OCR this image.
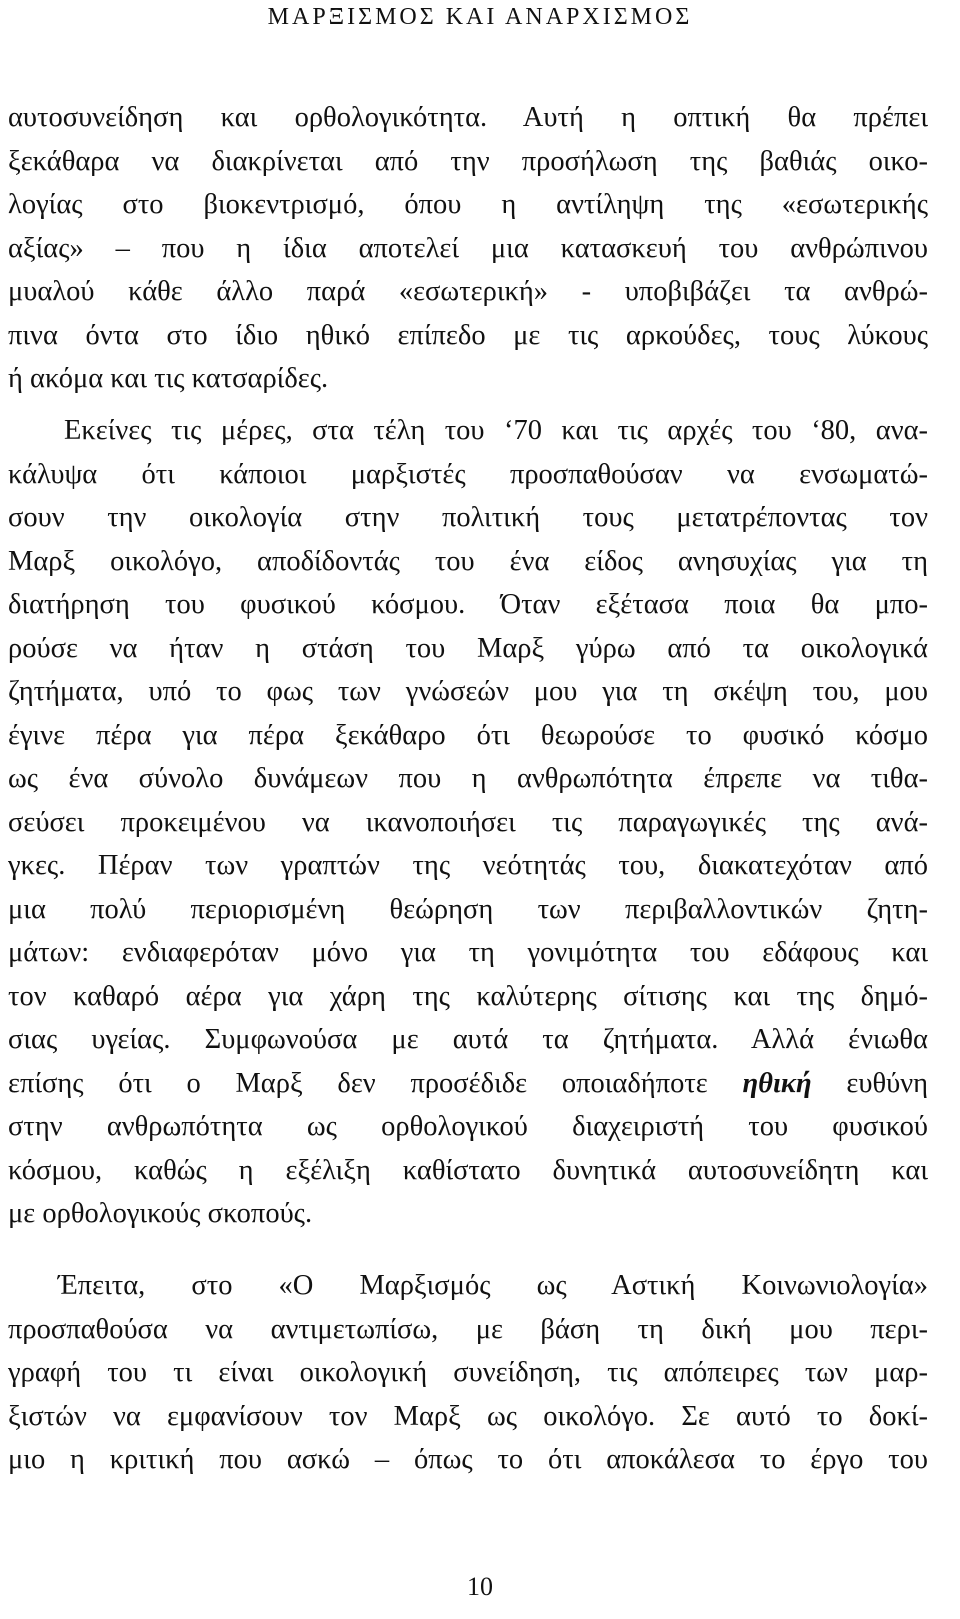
ΜΑΡΞΙΣΜΟΣ ΚΑΙ ΑΝΑΡΧΙΣΜΟΣ
αυτοσυνείδηση και ορθολογικότητα. Αυτή η οπτική θα πρέπει
ξεκάθαρα να διακρίνεται από την προσήλωση της βαθιάς οικο-
λογίας στο βιοκεντρισμό, όπου η αντίληψη της «εσωτερικής
αξίας» – που η ίδια αποτελεί μια κατασκευή του ανθρώπινου
μυαλού κάθε άλλο παρά «εσωτερική» - υποβιβάζει τα ανθρώ-
πινα όντα στο ίδιο ηθικό επίπεδο με τις αρκούδες, τους λύκους
ή ακόμα και τις κατσαρίδες.
Εκείνες τις μέρες, στα τέλη του ‘70 και τις αρχές του ‘80, ανα-
κάλυψα ότι κάποιοι μαρξιστές προσπαθούσαν να ενσωματώ-
σουν την οικολογία στην πολιτική τους μετατρέποντας τον
Μαρξ οικολόγο, αποδίδοντάς του ένα είδος ανησυχίας για τη
διατήρηση του φυσικού κόσμου. Όταν εξέτασα ποια θα μπο-
ρούσε να ήταν η στάση του Μαρξ γύρω από τα οικολογικά
ζητήματα, υπό το φως των γνώσεών μου για τη σκέψη του, μου
έγινε πέρα για πέρα ξεκάθαρο ότι θεωρούσε το φυσικό κόσμο
ως ένα σύνολο δυνάμεων που η ανθρωπότητα έπρεπε να τιθα-
σεύσει προκειμένου να ικανοποιήσει τις παραγωγικές της ανά-
γκες. Πέραν των γραπτών της νεότητάς του, διακατεχόταν από
μια πολύ περιορισμένη θεώρηση των περιβαλλοντικών ζητη-
μάτων: ενδιαφερόταν μόνο για τη γονιμότητα του εδάφους και
τον καθαρό αέρα για χάρη της καλύτερης σίτισης και της δημό-
σιας υγείας. Συμφωνούσα με αυτά τα ζητήματα. Αλλά ένιωθα
επίσης ότι ο Μαρξ δεν προσέδιδε οποιαδήποτε ηθική ευθύνη
στην ανθρωπότητα ως ορθολογικού διαχειριστή του φυσικού
κόσμου, καθώς η εξέλιξη καθίστατο δυνητικά αυτοσυνείδητη και
με ορθολογικούς σκοπούς.
Έπειτα, στο «Ο Μαρξισμός ως Αστική Κοινωνιολογία»
προσπαθούσα να αντιμετωπίσω, με βάση τη δική μου περι-
γραφή του τι είναι οικολογική συνείδηση, τις απόπειρες των μαρ-
ξιστών να εμφανίσουν τον Μαρξ ως οικολόγο. Σε αυτό το δοκί-
μιο η κριτική που ασκώ – όπως το ότι αποκάλεσα το έργο του
10
